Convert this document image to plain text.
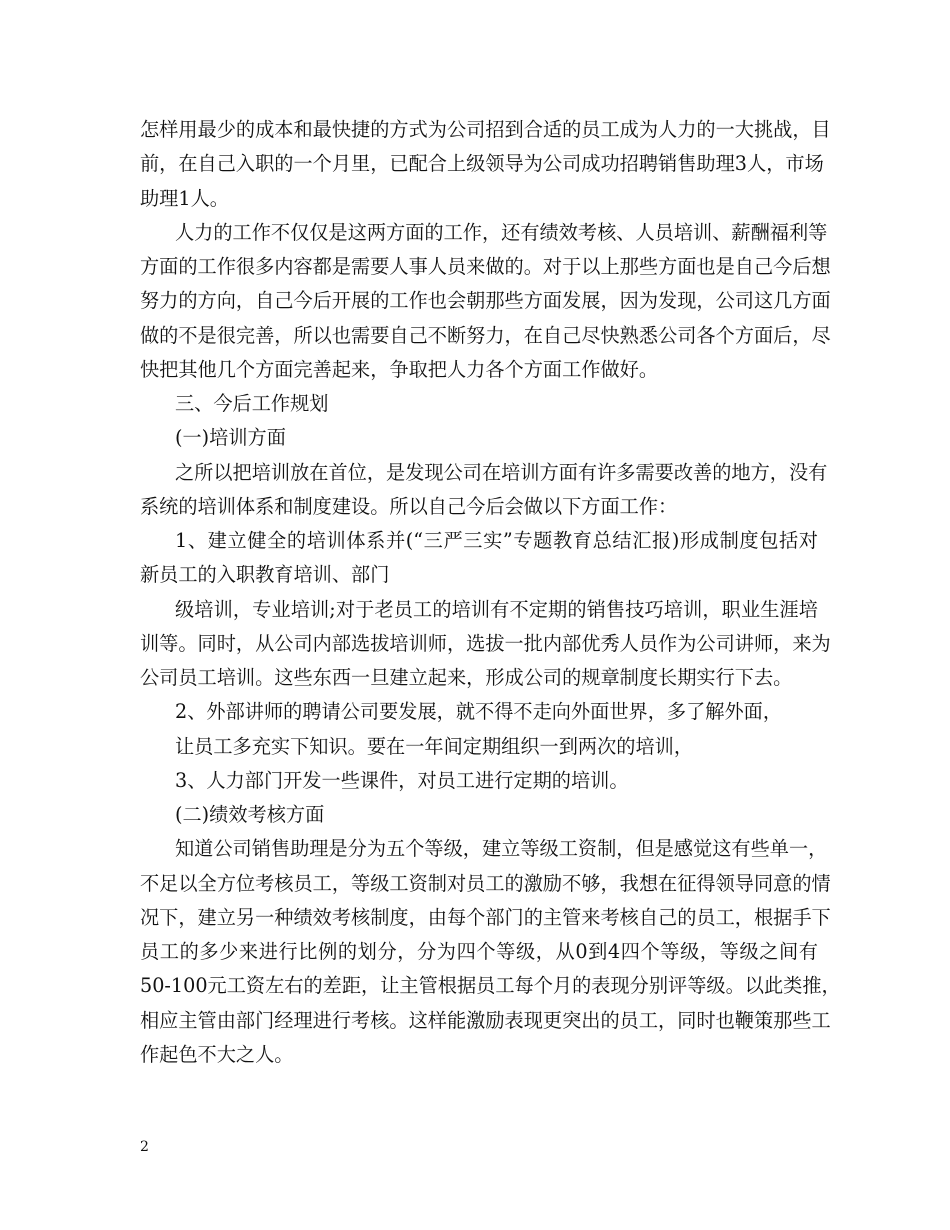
怎样用最少的成本和最快捷的方式为公司招到合适的员工成为人力的一大挑战，目
前，在自己入职的一个月里，已配合上级领导为公司成功招聘销售助理3人，市场
助理1人。
人力的工作不仅仅是这两方面的工作，还有绩效考核、人员培训、薪酬福利等
方面的工作很多内容都是需要人事人员来做的。对于以上那些方面也是自己今后想
努力的方向，自己今后开展的工作也会朝那些方面发展，因为发现，公司这几方面
做的不是很完善，所以也需要自己不断努力，在自己尽快熟悉公司各个方面后，尽
快把其他几个方面完善起来，争取把人力各个方面工作做好。
三、今后工作规划
(一)培训方面
之所以把培训放在首位，是发现公司在培训方面有许多需要改善的地方，没有
系统的培训体系和制度建设。所以自己今后会做以下方面工作：
1、建立健全的培训体系并(“三严三实”专题教育总结汇报)形成制度包括对
新员工的入职教育培训、部门
级培训，专业培训;对于老员工的培训有不定期的销售技巧培训，职业生涯培
训等。同时，从公司内部选拔培训师，选拔一批内部优秀人员作为公司讲师，来为
公司员工培训。这些东西一旦建立起来，形成公司的规章制度长期实行下去。
2、外部讲师的聘请公司要发展，就不得不走向外面世界，多了解外面，
让员工多充实下知识。要在一年间定期组织一到两次的培训，
3、人力部门开发一些课件，对员工进行定期的培训。
(二)绩效考核方面
知道公司销售助理是分为五个等级，建立等级工资制，但是感觉这有些单一，
不足以全方位考核员工，等级工资制对员工的激励不够，我想在征得领导同意的情
况下，建立另一种绩效考核制度，由每个部门的主管来考核自己的员工，根据手下
员工的多少来进行比例的划分，分为四个等级，从0到4四个等级，等级之间有
50-100元工资左右的差距，让主管根据员工每个月的表现分别评等级。以此类推，
相应主管由部门经理进行考核。这样能激励表现更突出的员工，同时也鞭策那些工
作起色不大之人。
2
